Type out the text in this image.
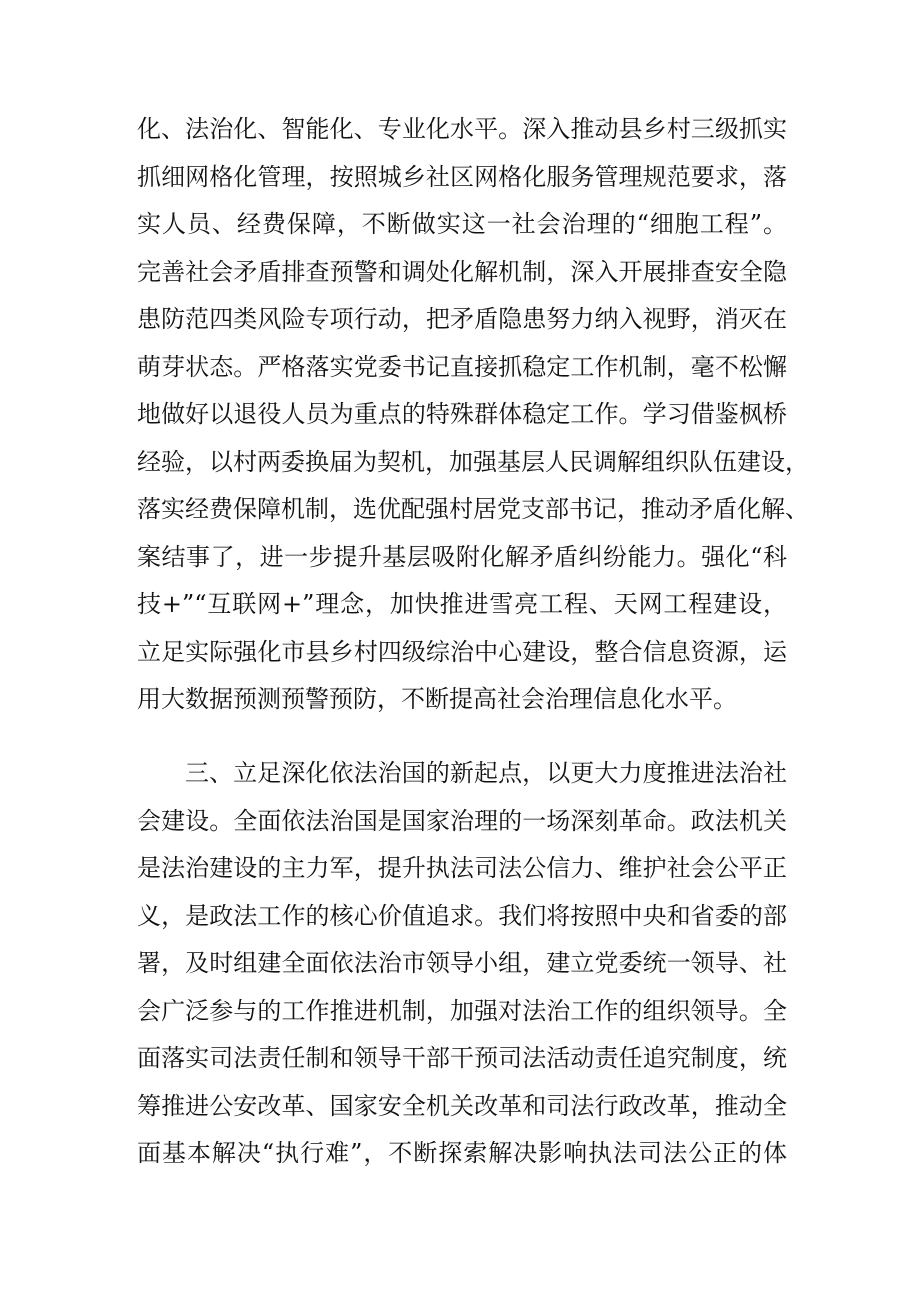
化、法治化、智能化、专业化水平。深入推动县乡村三级抓实
抓细网格化管理，按照城乡社区网格化服务管理规范要求，落
实人员、经费保障，不断做实这一社会治理的“细胞工程”。
完善社会矛盾排查预警和调处化解机制，深入开展排查安全隐
患防范四类风险专项行动，把矛盾隐患努力纳入视野，消灭在
萌芽状态。严格落实党委书记直接抓稳定工作机制，毫不松懈
地做好以退役人员为重点的特殊群体稳定工作。学习借鉴枫桥
经验，以村两委换届为契机，加强基层人民调解组织队伍建设，
落实经费保障机制，选优配强村居党支部书记，推动矛盾化解、
案结事了，进一步提升基层吸附化解矛盾纠纷能力。强化“科
技+”“互联网+”理念，加快推进雪亮工程、天网工程建设，
立足实际强化市县乡村四级综治中心建设，整合信息资源，运
用大数据预测预警预防，不断提高社会治理信息化水平。
三、立足深化依法治国的新起点，以更大力度推进法治社
会建设。全面依法治国是国家治理的一场深刻革命。政法机关
是法治建设的主力军，提升执法司法公信力、维护社会公平正
义，是政法工作的核心价值追求。我们将按照中央和省委的部
署，及时组建全面依法治市领导小组，建立党委统一领导、社
会广泛参与的工作推进机制，加强对法治工作的组织领导。全
面落实司法责任制和领导干部干预司法活动责任追究制度，统
筹推进公安改革、国家安全机关改革和司法行政改革，推动全
面基本解决“执行难”，不断探索解决影响执法司法公正的体
